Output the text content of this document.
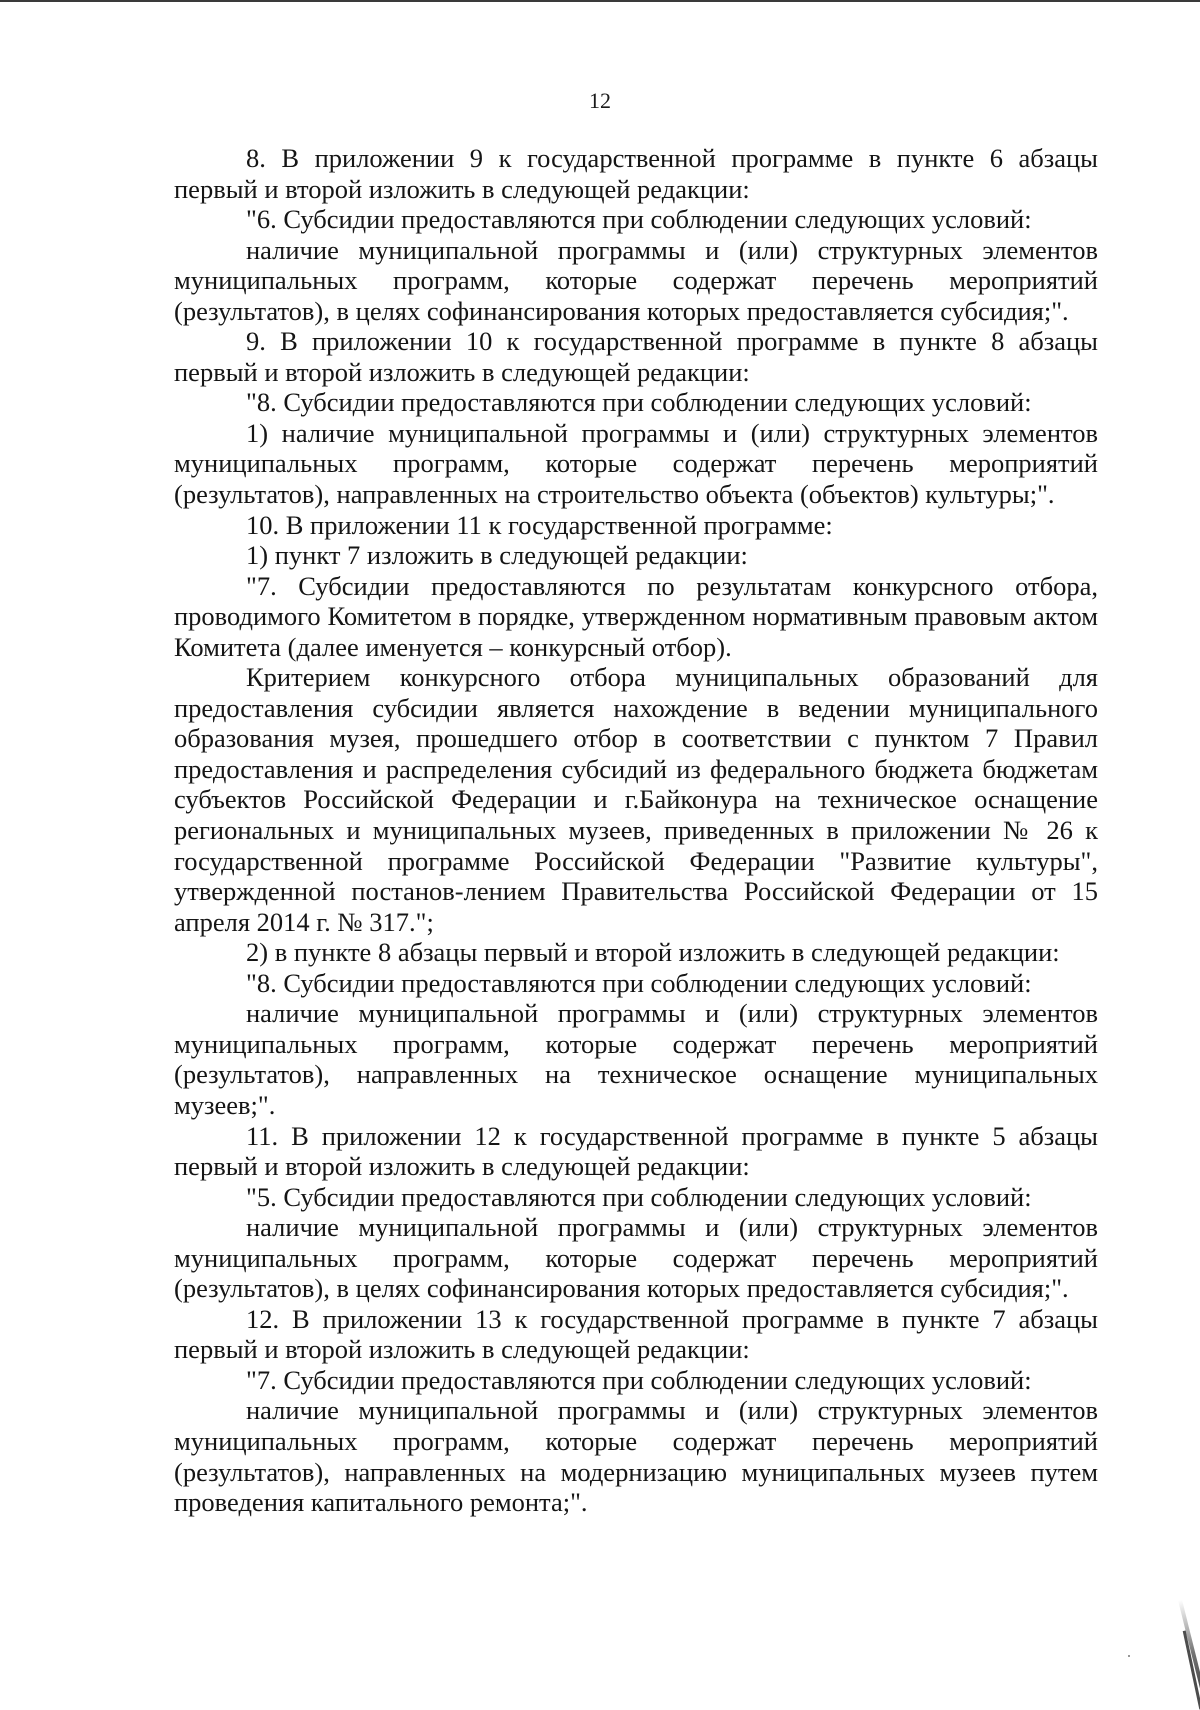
12

8. В приложении 9 к государственной программе в пункте 6 абзацы первый и второй изложить в следующей редакции:

"6. Субсидии предоставляются при соблюдении следующих условий:

наличие муниципальной программы и (или) структурных элементов муниципальных программ, которые содержат перечень мероприятий (результатов), в целях софинансирования которых предоставляется субсидия;".

9. В приложении 10 к государственной программе в пункте 8 абзацы первый и второй изложить в следующей редакции:

"8. Субсидии предоставляются при соблюдении следующих условий:

1) наличие муниципальной программы и (или) структурных элементов муниципальных программ, которые содержат перечень мероприятий (результатов), направленных на строительство объекта (объектов) культуры;".

10. В приложении 11 к государственной программе:

1) пункт 7 изложить в следующей редакции:

"7. Субсидии предоставляются по результатам конкурсного отбора, проводимого Комитетом в порядке, утвержденном нормативным правовым актом Комитета (далее именуется – конкурсный отбор).

Критерием конкурсного отбора муниципальных образований для предоставления субсидии является нахождение в ведении муниципального образования музея, прошедшего отбор в соответствии с пунктом 7 Правил предоставления и распределения субсидий из федерального бюджета бюджетам субъектов Российской Федерации и г.Байконура на техническое оснащение региональных и муниципальных музеев, приведенных в приложении № 26 к государственной программе Российской Федерации "Развитие культуры", утвержденной постанов-лением Правительства Российской Федерации от 15 апреля 2014 г. № 317.";

2) в пункте 8 абзацы первый и второй изложить в следующей редакции:

"8. Субсидии предоставляются при соблюдении следующих условий:

наличие муниципальной программы и (или) структурных элементов муниципальных программ, которые содержат перечень мероприятий (результатов), направленных на техническое оснащение муниципальных музеев;".

11. В приложении 12 к государственной программе в пункте 5 абзацы первый и второй изложить в следующей редакции:

"5. Субсидии предоставляются при соблюдении следующих условий:

наличие муниципальной программы и (или) структурных элементов муниципальных программ, которые содержат перечень мероприятий (результатов), в целях софинансирования которых предоставляется субсидия;".

12. В приложении 13 к государственной программе в пункте 7 абзацы первый и второй изложить в следующей редакции:

"7. Субсидии предоставляются при соблюдении следующих условий:

наличие муниципальной программы и (или) структурных элементов муниципальных программ, которые содержат перечень мероприятий (результатов), направленных на модернизацию муниципальных музеев путем проведения капитального ремонта;".
